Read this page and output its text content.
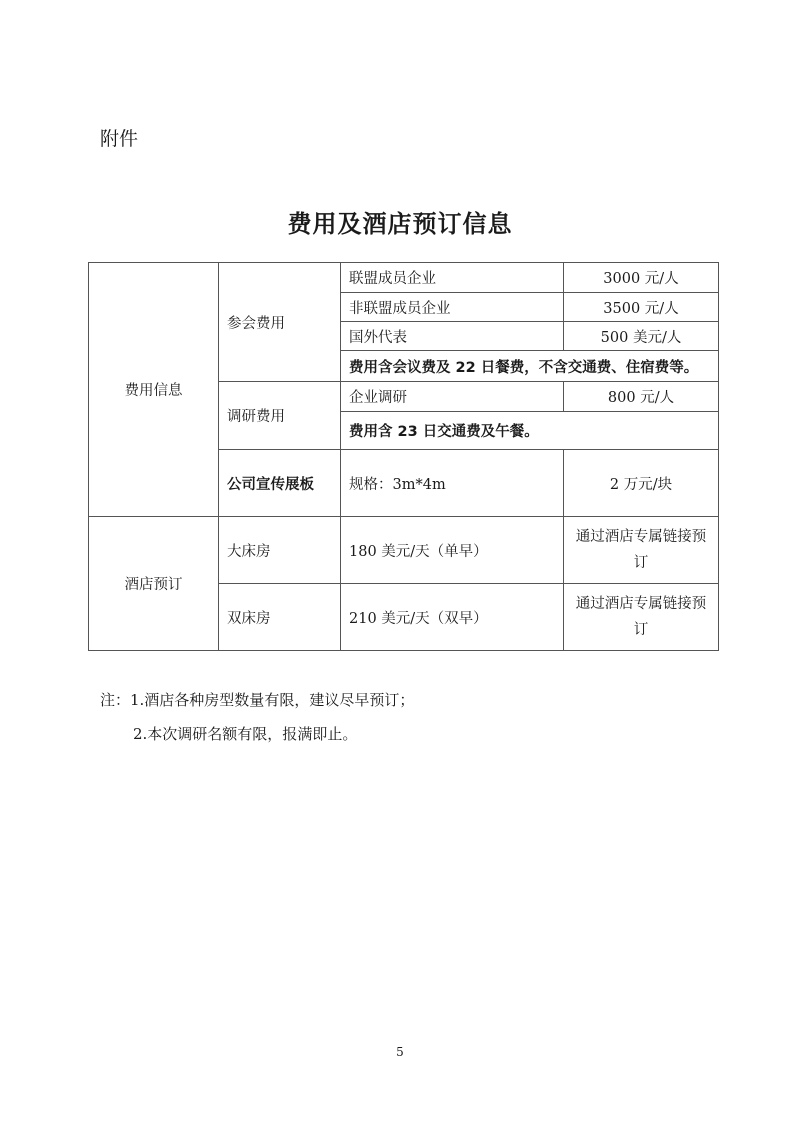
附件
费用及酒店预订信息
费用信息	参会费用	联盟成员企业	3000 元/人
		非联盟成员企业	3500 元/人
		国外代表	500 美元/人
		费用含会议费及 22 日餐费，不含交通费、住宿费等。	
	调研费用	企业调研	800 元/人
		费用含 23 日交通费及午餐。	
	公司宣传展板	规格：3m*4m	2 万元/块
酒店预订	大床房	180 美元/天（单早）	通过酒店专属链接预订
	双床房	210 美元/天（双早）	通过酒店专属链接预订
注：1.酒店各种房型数量有限，建议尽早预订；
2.本次调研名额有限，报满即止。
5
